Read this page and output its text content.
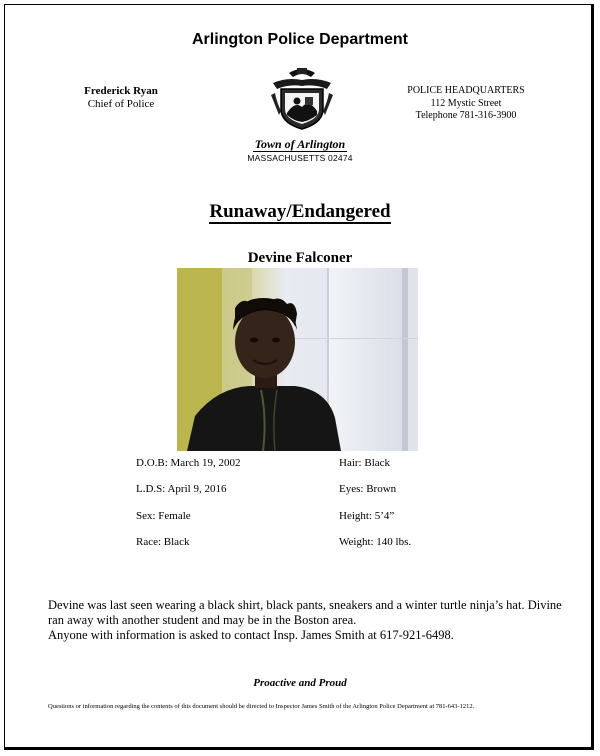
Arlington Police Department
Frederick Ryan
Chief of Police
POLICE HEADQUARTERS
112 Mystic Street
Telephone 781-316-3900
Town of Arlington
MASSACHUSETTS 02474
Runaway/Endangered
Devine Falconer
D.O.B: March 19, 2002
L.D.S: April 9, 2016
Sex: Female
Race: Black
Hair: Black
Eyes: Brown
Height: 5’4”
Weight: 140 lbs.

Devine was last seen wearing a black shirt, black pants, sneakers and a winter turtle ninja’s hat. Divine ran away with another student and may be in the Boston area.

Anyone with information is asked to contact Insp. James Smith at 617-921-6498.

Proactive and Proud
Questions or information regarding the contents of this document should be directed to Inspector James Smith of the Arlington Police Department at 781-643-1212.
